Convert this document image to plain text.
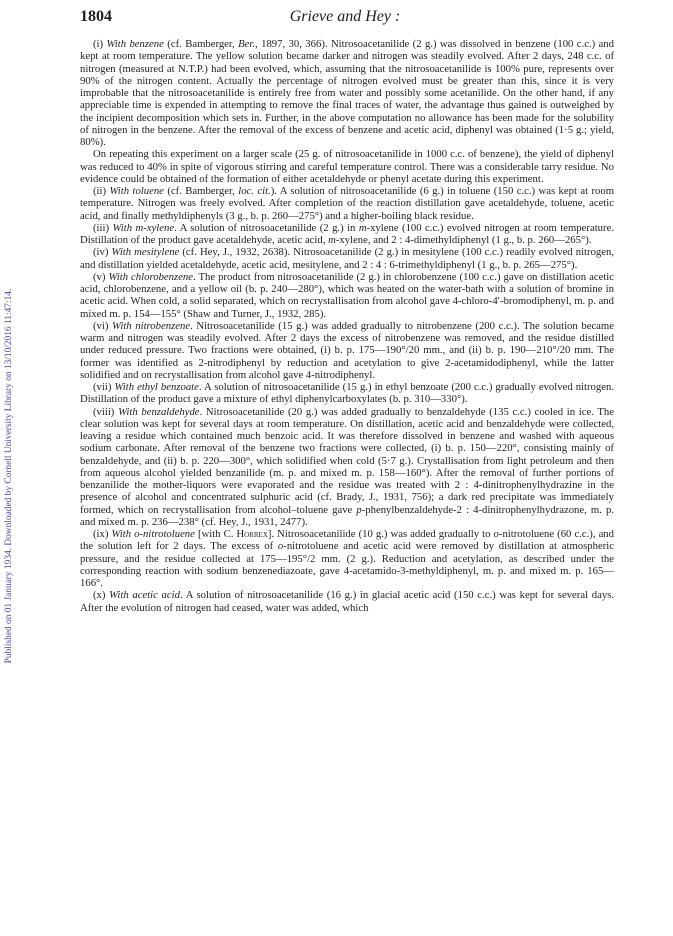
Published on 01 January 1934. Downloaded by Cornell University Library on 13/10/2016 11:47:14.
1804	Grieve and Hey :

(i) With benzene (cf. Bamberger, Ber., 1897, 30, 366). Nitrosoacetanilide (2 g.) was dissolved in benzene (100 c.c.) and kept at room temperature. The yellow solution became darker and nitrogen was steadily evolved. After 2 days, 248 c.c. of nitrogen (measured at N.T.P.) had been evolved, which, assuming that the nitrosoacetanilide is 100% pure, represents over 90% of the nitrogen content. Actually the percentage of nitrogen evolved must be greater than this, since it is very improbable that the nitrosoacetanilide is entirely free from water and possibly some acetanilide. On the other hand, if any appreciable time is expended in attempting to remove the final traces of water, the advantage thus gained is outweighed by the incipient decomposition which sets in. Further, in the above computation no allowance has been made for the solubility of nitrogen in the benzene. After the removal of the excess of benzene and acetic acid, diphenyl was obtained (1·5 g.; yield, 80%).

On repeating this experiment on a larger scale (25 g. of nitrosoacetanilide in 1000 c.c. of benzene), the yield of diphenyl was reduced to 40% in spite of vigorous stirring and careful temperature control. There was a considerable tarry residue. No evidence could be obtained of the formation of either acetaldehyde or phenyl acetate during this experiment.

(ii) With toluene (cf. Bamberger, loc. cit.). A solution of nitrosoacetanilide (6 g.) in toluene (150 c.c.) was kept at room temperature. Nitrogen was freely evolved. After completion of the reaction distillation gave acetaldehyde, toluene, acetic acid, and finally methyldiphenyls (3 g., b. p. 260—275°) and a higher-boiling black residue.

(iii) With m-xylene. A solution of nitrosoacetanilide (2 g.) in m-xylene (100 c.c.) evolved nitrogen at room temperature. Distillation of the product gave acetaldehyde, acetic acid, m-xylene, and 2 : 4-dimethyldiphenyl (1 g., b. p. 260—265°).

(iv) With mesitylene (cf. Hey, J., 1932, 2638). Nitrosoacetanilide (2 g.) in mesitylene (100 c.c.) readily evolved nitrogen, and distillation yielded acetaldehyde, acetic acid, mesitylene, and 2 : 4 : 6-trimethyldiphenyl (1 g., b. p. 265—275°).

(v) With chlorobenzene. The product from nitrosoacetanilide (2 g.) in chlorobenzene (100 c.c.) gave on distillation acetic acid, chlorobenzene, and a yellow oil (b. p. 240—280°), which was heated on the water-bath with a solution of bromine in acetic acid. When cold, a solid separated, which on recrystallisation from alcohol gave 4-chloro-4′-bromodiphenyl, m. p. and mixed m. p. 154—155° (Shaw and Turner, J., 1932, 285).

(vi) With nitrobenzene. Nitrosoacetanilide (15 g.) was added gradually to nitrobenzene (200 c.c.). The solution became warm and nitrogen was steadily evolved. After 2 days the excess of nitrobenzene was removed, and the residue distilled under reduced pressure. Two fractions were obtained, (i) b. p. 175—190°/20 mm., and (ii) b. p. 190—210°/20 mm. The former was identified as 2-nitrodiphenyl by reduction and acetylation to give 2-acetamidodiphenyl, while the latter solidified and on recrystallisation from alcohol gave 4-nitrodiphenyl.

(vii) With ethyl benzoate. A solution of nitrosoacetanilide (15 g.) in ethyl benzoate (200 c.c.) gradually evolved nitrogen. Distillation of the product gave a mixture of ethyl diphenylcarboxylates (b. p. 310—330°).

(viii) With benzaldehyde. Nitrosoacetanilide (20 g.) was added gradually to benzaldehyde (135 c.c.) cooled in ice. The clear solution was kept for several days at room temperature. On distillation, acetic acid and benzaldehyde were collected, leaving a residue which contained much benzoic acid. It was therefore dissolved in benzene and washed with aqueous sodium carbonate. After removal of the benzene two fractions were collected, (i) b. p. 150—220°, consisting mainly of benzaldehyde, and (ii) b. p. 220—300°, which solidified when cold (5·7 g.). Crystallisation from light petroleum and then from aqueous alcohol yielded benzanilide (m. p. and mixed m. p. 158—160°). After the removal of further portions of benzanilide the mother-liquors were evaporated and the residue was treated with 2 : 4-dinitrophenylhydrazine in the presence of alcohol and concentrated sulphuric acid (cf. Brady, J., 1931, 756); a dark red precipitate was immediately formed, which on recrystallisation from alcohol–toluene gave p-phenylbenzaldehyde-2 : 4-dinitrophenylhydrazone, m. p. and mixed m. p. 236—238° (cf. Hey, J., 1931, 2477).

(ix) With o-nitrotoluene [with C. Horrex]. Nitrosoacetanilide (10 g.) was added gradually to o-nitrotoluene (60 c.c.), and the solution left for 2 days. The excess of o-nitrotoluene and acetic acid were removed by distillation at atmospheric pressure, and the residue collected at 175—195°/2 mm. (2 g.). Reduction and acetylation, as described under the corresponding reaction with sodium benzenediazoate, gave 4-acetamido-3-methyldiphenyl, m. p. and mixed m. p. 165—166°.

(x) With acetic acid. A solution of nitrosoacetanilide (16 g.) in glacial acetic acid (150 c.c.) was kept for several days. After the evolution of nitrogen had ceased, water was added, which
